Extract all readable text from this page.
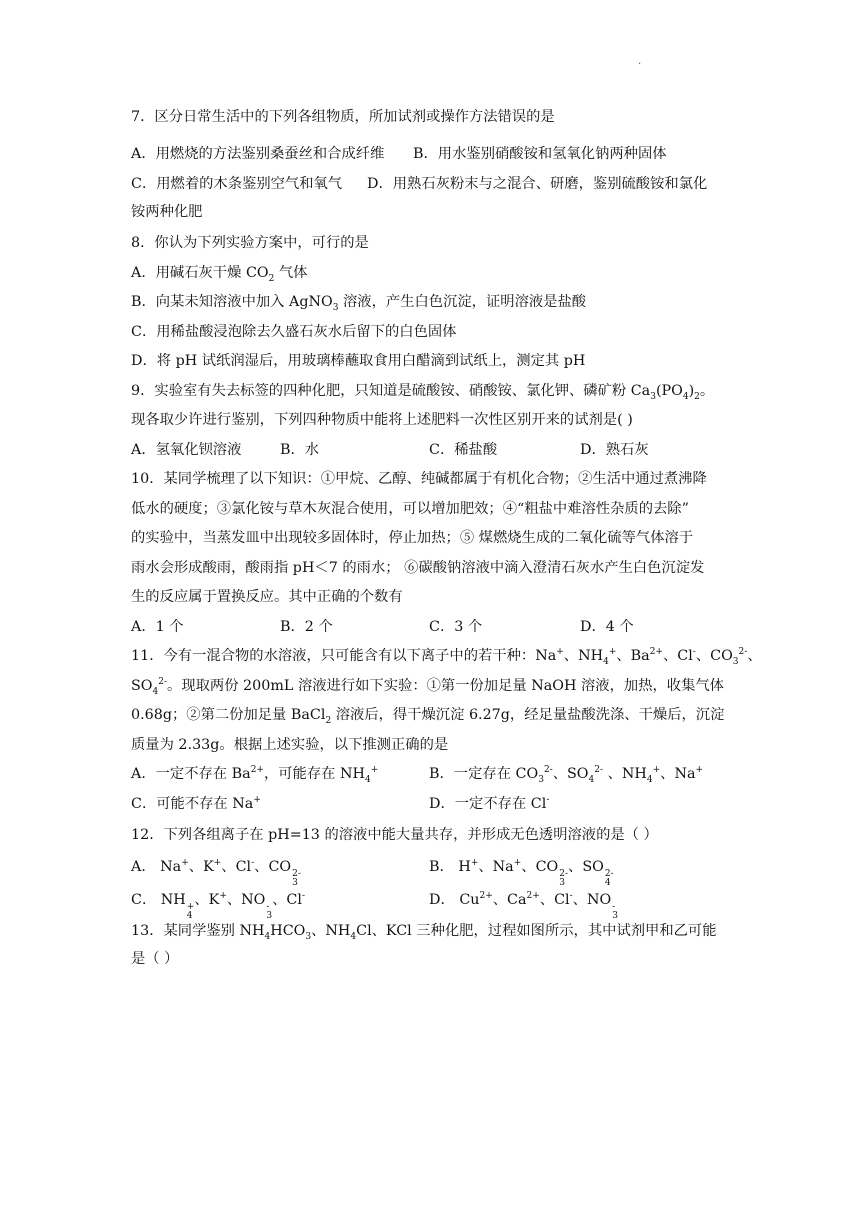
.
7．区分日常生活中的下列各组物质，所加试剂或操作方法错误的是
A．用燃烧的方法鉴别桑蚕丝和合成纤维 B．用水鉴别硝酸铵和氢氧化钠两种固体
C．用燃着的木条鉴别空气和氧气 D．用熟石灰粉末与之混合、研磨，鉴别硫酸铵和氯化
铵两种化肥
8．你认为下列实验方案中，可行的是
A．用碱石灰干燥 $CO_2$ 气体
B．向某未知溶液中加入 AgNO$_3$ 溶液，产生白色沉淀，证明溶液是盐酸
C．用稀盐酸浸泡除去久盛石灰水后留下的白色固体
D．将 pH 试纸润湿后，用玻璃棒蘸取食用白醋滴到试纸上，测定其 pH
9．实验室有失去标签的四种化肥，只知道是硫酸铵、硝酸铵、氯化钾、磷矿粉 $Ca_3(PO_4)_2$。
现各取少许进行鉴别，下列四种物质中能将上述肥料一次性区别开来的试剂是( )
A．氢氧化钡溶液	B．水	C．稀盐酸	D．熟石灰
10．某同学梳理了以下知识：①甲烷、乙醇、纯碱都属于有机化合物；②生活中通过煮沸降
低水的硬度；③氯化铵与草木灰混合使用，可以增加肥效；④“粗盐中难溶性杂质的去除”
的实验中，当蒸发皿中出现较多固体时，停止加热；⑤ 煤燃烧生成的二氧化硫等气体溶于
雨水会形成酸雨，酸雨指 pH＜7 的雨水； ⑥碳酸钠溶液中滴入澄清石灰水产生白色沉淀发
生的反应属于置换反应。其中正确的个数有
A．1 个	B．2 个	C．3 个	D．4 个
11．今有一混合物的水溶液，只可能含有以下离子中的若干种：Na+、$NH_4^+$、$Ba^{2+}$、Cl-、$CO_3^{2-}$、
$SO_4^{2-}$。现取两份 200mL 溶液进行如下实验：①第一份加足量 NaOH 溶液，加热，收集气体
0.68g；②第二份加足量 BaCl$_2$ 溶液后，得干燥沉淀 6.27g，经足量盐酸洗涤、干燥后，沉淀
质量为 2.33g。根据上述实验，以下推测正确的是
A．一定不存在 $Ba^{2+}$，可能存在 $NH_4^+$	B．一定存在 $CO_3^{2-}$、$SO_4^{2-}$ 、$NH_4^+$、Na+
C．可能不存在 Na+	D．一定不存在 Cl-
12．下列各组离子在 pH=13 的溶液中能大量共存，并形成无色透明溶液的是（ ）
A． Na+、K+、Cl-、CO 2-
3
B． H+、Na+、CO 2-
3
、SO 2-
4
C． NH +
4
、K+、NO -
3
、Cl-	D． $Cu^{2+}$、$Ca^{2+}$、Cl-、NO -
3
13．某同学鉴别 $NH_4HCO_3$、$NH_4Cl$、KCl 三种化肥，过程如图所示，其中试剂甲和乙可能
是（ ）
